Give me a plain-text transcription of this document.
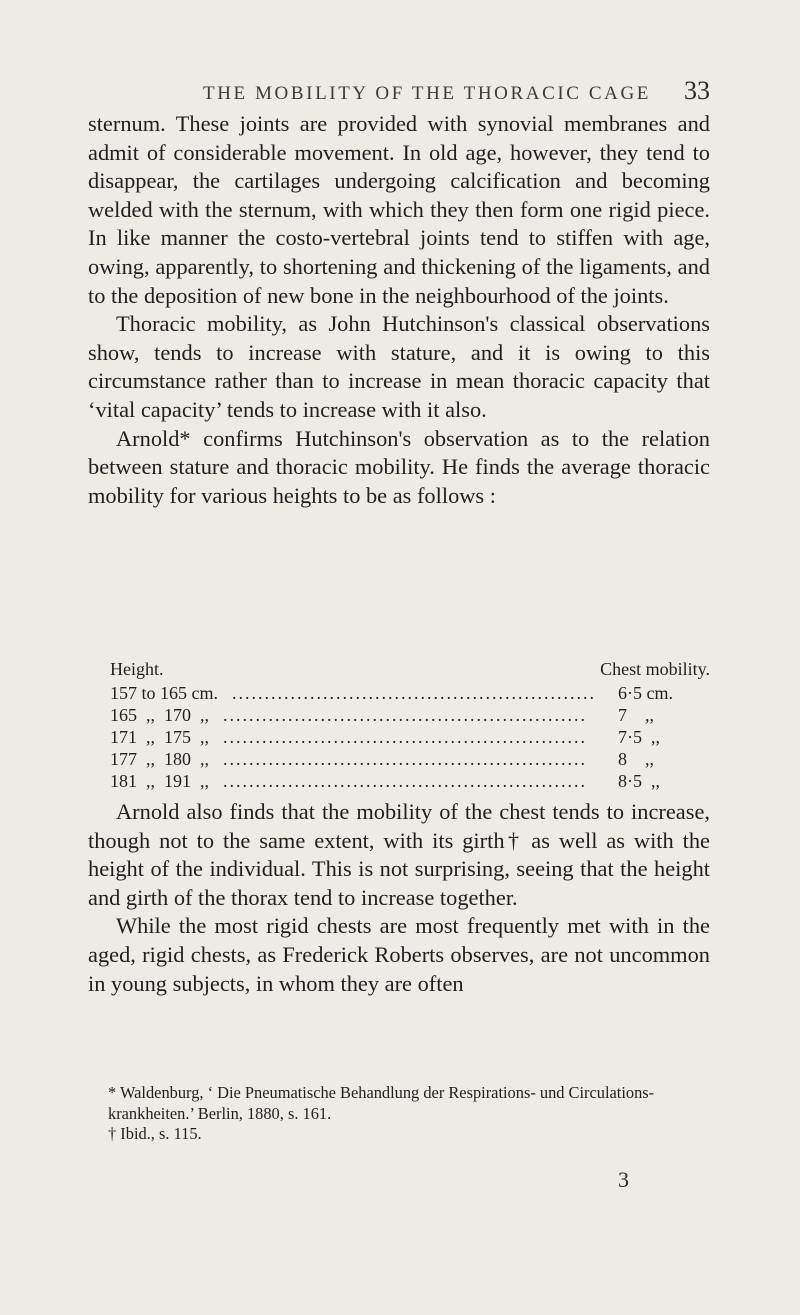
THE MOBILITY OF THE THORACIC CAGE	33

sternum. These joints are provided with synovial membranes and admit of considerable movement. In old age, however, they tend to disappear, the cartilages undergoing calcification and becoming welded with the sternum, with which they then form one rigid piece. In like manner the costo-vertebral joints tend to stiffen with age, owing, apparently, to shortening and thickening of the ligaments, and to the deposition of new bone in the neighbourhood of the joints.

Thoracic mobility, as John Hutchinson's classical observations show, tends to increase with stature, and it is owing to this circumstance rather than to increase in mean thoracic capacity that ‘vital capacity’ tends to increase with it also.

Arnold* confirms Hutchinson's observation as to the relation between stature and thoracic mobility. He finds the average thoracic mobility for various heights to be as follows :

Height.	Chest mobility.
157 to 165 cm. ........................................................	6·5 cm.
165  ,,  170  ,, ........................................................	7    ,,
171  ,,  175  ,, ........................................................	7·5  ,,
177  ,,  180  ,, ........................................................	8    ,,
181  ,,  191  ,, ........................................................	8·5  ,,

Arnold also finds that the mobility of the chest tends to increase, though not to the same extent, with its girth† as well as with the height of the individual. This is not surprising, seeing that the height and girth of the thorax tend to increase together.

While the most rigid chests are most frequently met with in the aged, rigid chests, as Frederick Roberts observes, are not uncommon in young subjects, in whom they are often

* Waldenburg, ‘ Die Pneumatische Behandlung der Respirations- und Circulations-krankheiten.’ Berlin, 1880, s. 161.

† Ibid., s. 115.

3
